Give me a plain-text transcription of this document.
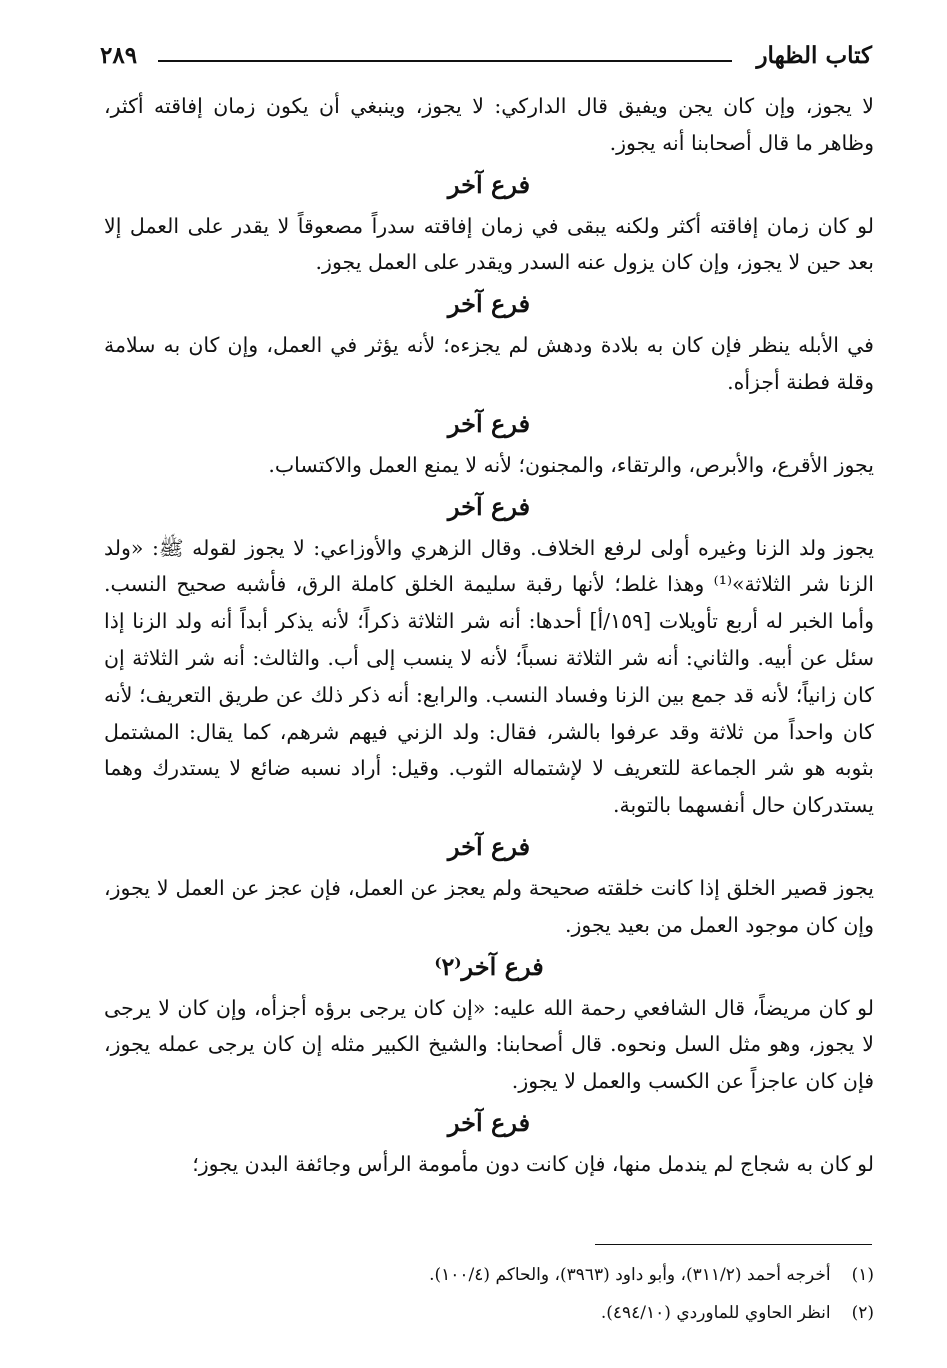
كتاب الظهار
٢٨٩

لا يجوز، وإن كان يجن ويفيق قال الداركي: لا يجوز، وينبغي أن يكون زمان إفاقته أكثر، وظاهر ما قال أصحابنا أنه يجوز.

فرع آخر

لو كان زمان إفاقته أكثر ولكنه يبقى في زمان إفاقته سدراً مصعوقاً لا يقدر على العمل إلا بعد حين لا يجوز، وإن كان يزول عنه السدر ويقدر على العمل يجوز.

فرع آخر

في الأبله ينظر فإن كان به بلادة ودهش لم يجزءه؛ لأنه يؤثر في العمل، وإن كان به سلامة وقلة فطنة أجزأه.

فرع آخر

يجوز الأقرع، والأبرص، والرتقاء، والمجنون؛ لأنه لا يمنع العمل والاكتساب.

فرع آخر

يجوز ولد الزنا وغيره أولى لرفع الخلاف. وقال الزهري والأوزاعي: لا يجوز لقوله ﷺ: «ولد الزنا شر الثلاثة»⁽¹⁾ وهذا غلط؛ لأنها رقبة سليمة الخلق كاملة الرق، فأشبه صحيح النسب. وأما الخبر له أربع تأويلات [١٥٩/أ] أحدها: أنه شر الثلاثة ذكراً؛ لأنه يذكر أبداً أنه ولد الزنا إذا سئل عن أبيه. والثاني: أنه شر الثلاثة نسباً؛ لأنه لا ينسب إلى أب. والثالث: أنه شر الثلاثة إن كان زانياً؛ لأنه قد جمع بين الزنا وفساد النسب. والرابع: أنه ذكر ذلك عن طريق التعريف؛ لأنه كان واحداً من ثلاثة وقد عرفوا بالشر، فقال: ولد الزني فيهم شرهم، كما يقال: المشتمل بثوبه هو شر الجماعة للتعريف لا لإشتماله الثوب. وقيل: أراد نسبه ضائع لا يستدرك وهما يستدركان حال أنفسهما بالتوبة.

فرع آخر

يجوز قصير الخلق إذا كانت خلقته صحيحة ولم يعجز عن العمل، فإن عجز عن العمل لا يجوز، وإن كان موجود العمل من بعيد يجوز.

فرع آخر⁽٢⁾

لو كان مريضاً، قال الشافعي رحمة الله عليه: «إن كان يرجى برؤه أجزأه، وإن كان لا يرجى لا يجوز، وهو مثل السل ونحوه. قال أصحابنا: والشيخ الكبير مثله إن كان يرجى عمله يجوز، فإن كان عاجزاً عن الكسب والعمل لا يجوز.

فرع آخر

لو كان به شجاج لم يندمل منها، فإن كانت دون مأمومة الرأس وجائفة البدن يجوز؛

(١) أخرجه أحمد (٣١١/٢)، وأبو داود (٣٩٦٣)، والحاكم (١٠٠/٤).

(٢) انظر الحاوي للماوردي (٤٩٤/١٠).
